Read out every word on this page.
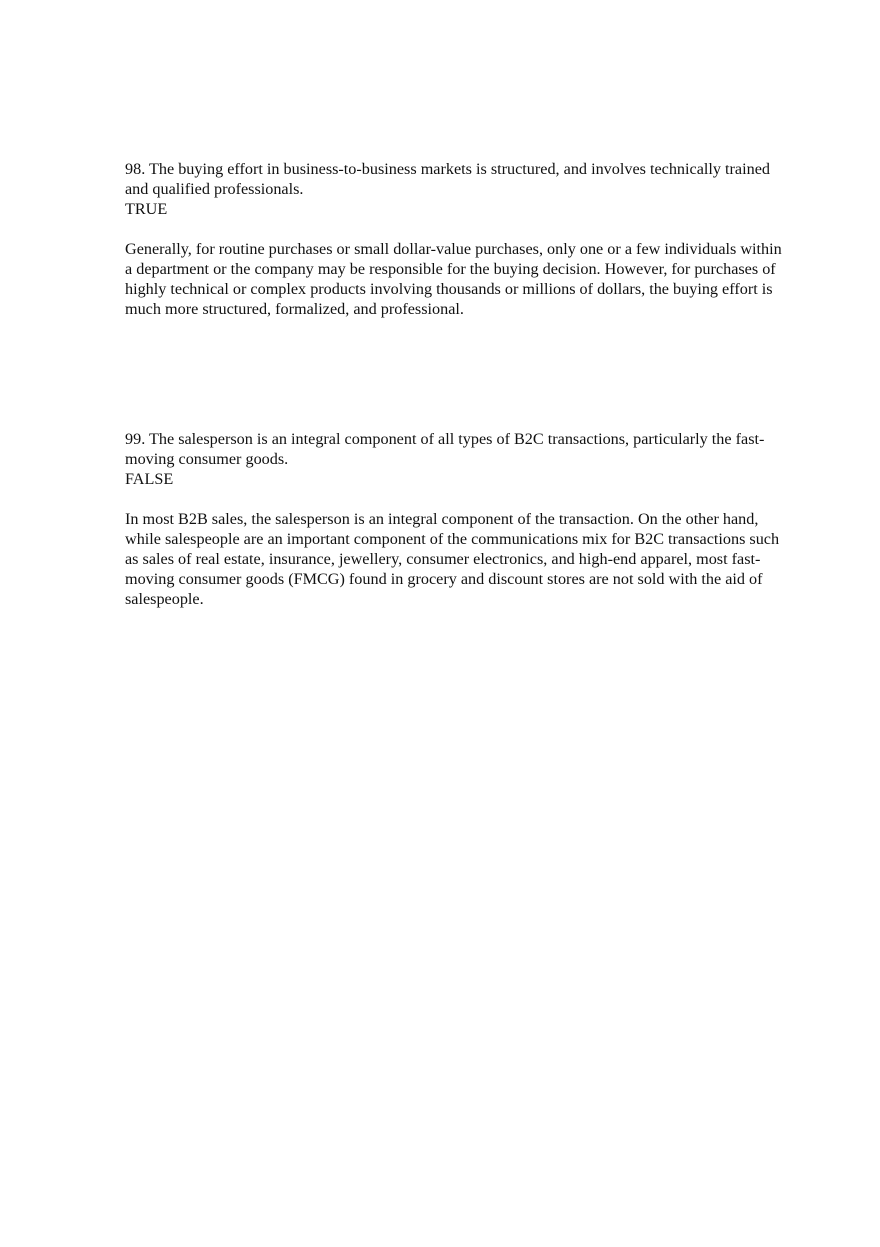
98. The buying effort in business-to-business markets is structured, and involves technically trained and qualified professionals.

TRUE

Generally, for routine purchases or small dollar-value purchases, only one or a few individuals within a department or the company may be responsible for the buying decision. However, for purchases of highly technical or complex products involving thousands or millions of dollars, the buying effort is much more structured, formalized, and professional.

99. The salesperson is an integral component of all types of B2C transactions, particularly the fast-moving consumer goods.

FALSE

In most B2B sales, the salesperson is an integral component of the transaction. On the other hand, while salespeople are an important component of the communications mix for B2C transactions such as sales of real estate, insurance, jewellery, consumer electronics, and high-end apparel, most fast-moving consumer goods (FMCG) found in grocery and discount stores are not sold with the aid of salespeople.
